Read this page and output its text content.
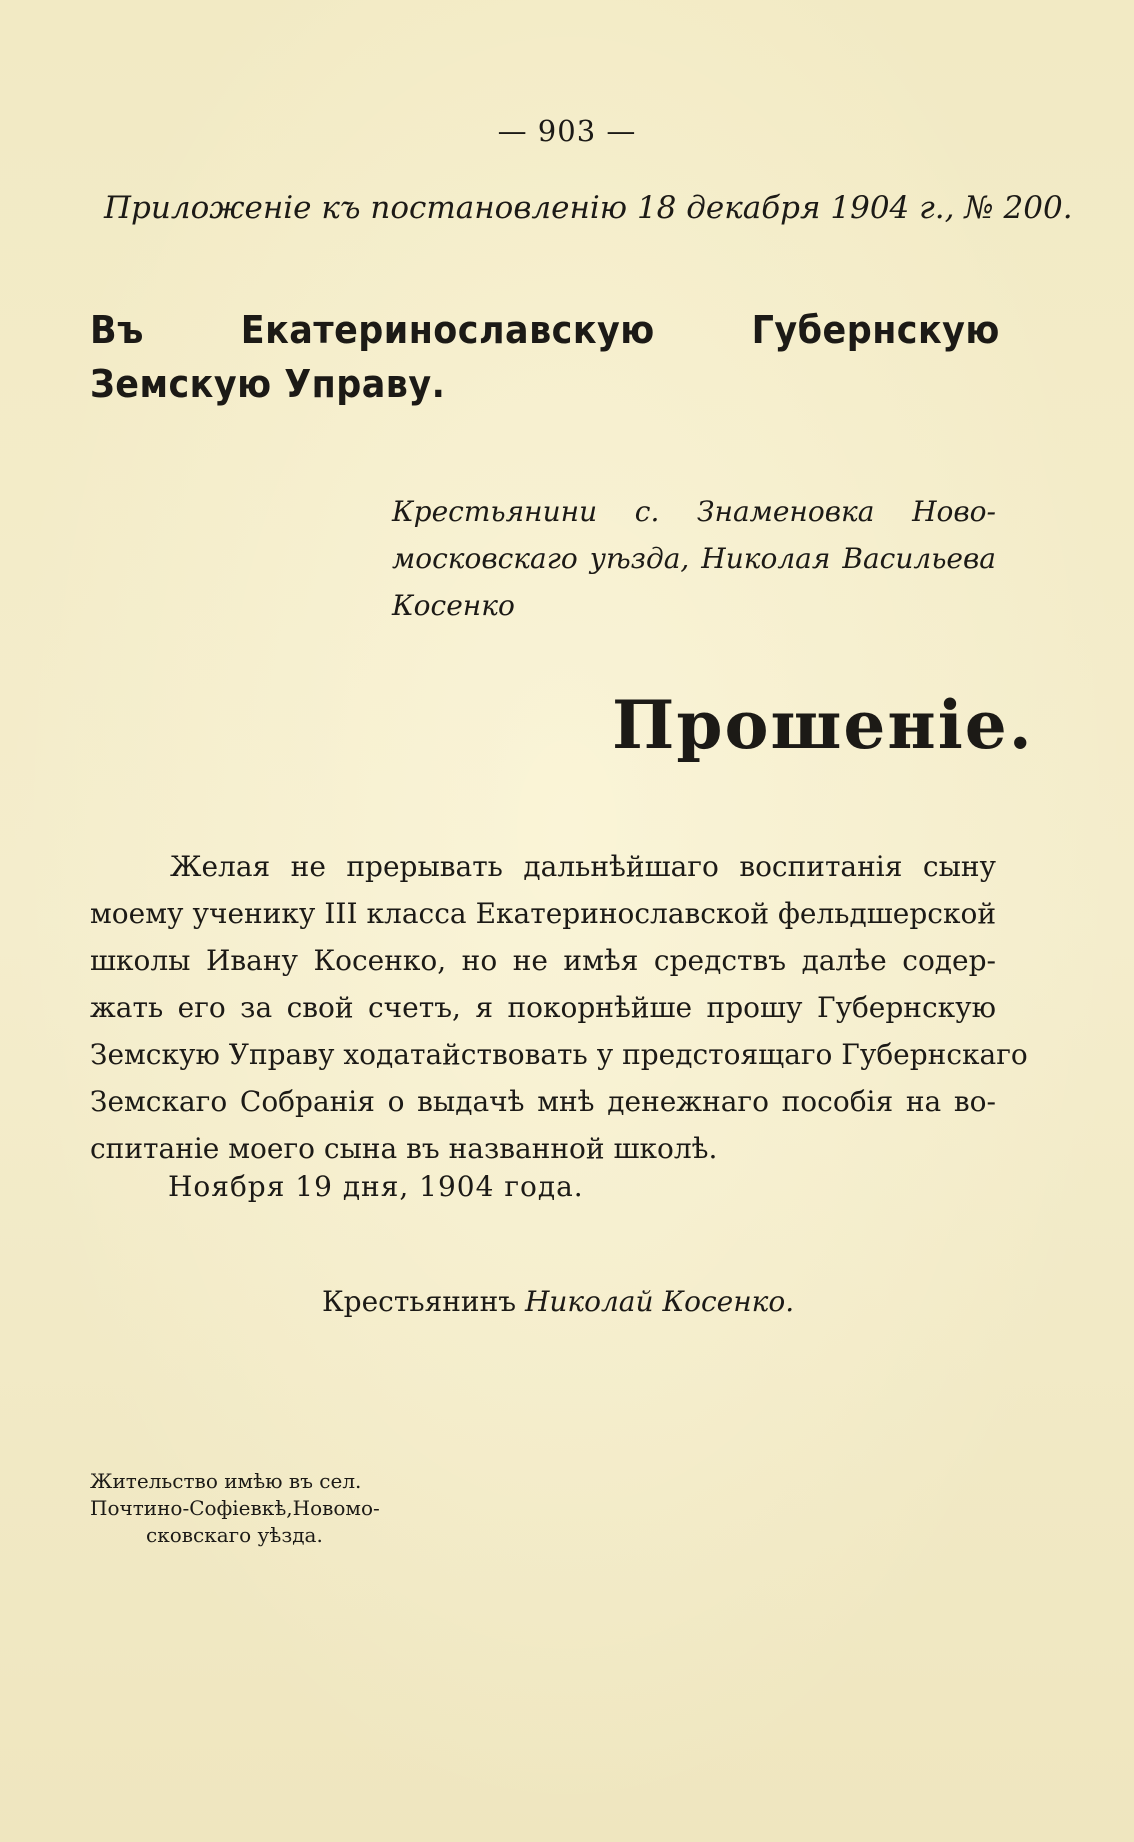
— 903 —
Приложеніе къ постановленію 18 декабря 1904 г., № 200.
Въ Екатеринославскую Губернскую Земскую Управу.
Крестьянини с. Знаменовка Ново-
московскаго уѣзда, Николая Васильева
Косенко
Прошеніе.
Желая не прерывать дальнѣйшаго воспитанія сыну
моему ученику III класса Екатеринославской фельдшерской
школы Ивану Косенко, но не имѣя средствъ далѣе содер-
жать его за свой счетъ, я покорнѣйше прошу Губернскую
Земскую Управу ходатайствовать у предстоящаго Губернскаго
Земскаго Собранія о выдачѣ мнѣ денежнаго пособія на во-
спитаніе моего сына въ названной школѣ.
Ноября 19 дня, 1904 года.
Крестьянинъ Николай Косенко.
Жительство имѣю въ сел.
Почтино-Софіевкѣ,Новомо-
сковскаго уѣзда.
